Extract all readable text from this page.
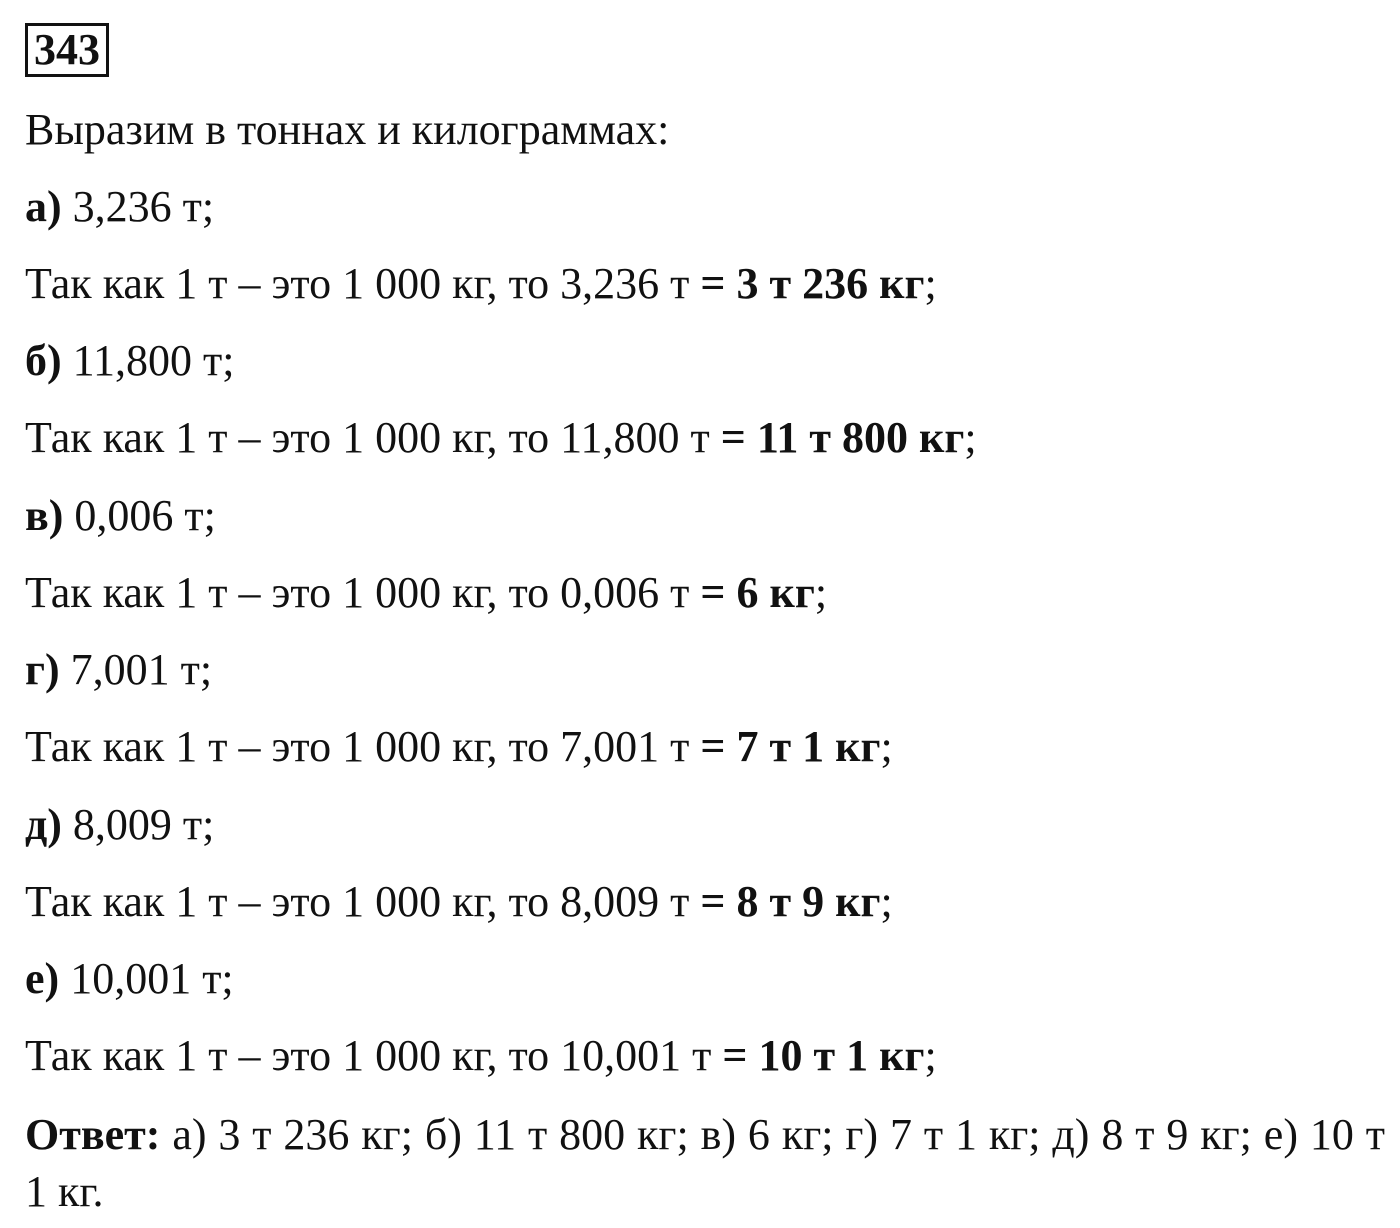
343
Выразим в тоннах и килограммах:
а) 3,236 т;
Так как 1 т – это 1 000 кг, то 3,236 т = 3 т 236 кг;
б) 11,800 т;
Так как 1 т – это 1 000 кг, то 11,800 т = 11 т 800 кг;
в) 0,006 т;
Так как 1 т – это 1 000 кг, то 0,006 т = 6 кг;
г) 7,001 т;
Так как 1 т – это 1 000 кг, то 7,001 т = 7 т 1 кг;
д) 8,009 т;
Так как 1 т – это 1 000 кг, то 8,009 т = 8 т 9 кг;
е) 10,001 т;
Так как 1 т – это 1 000 кг, то 10,001 т = 10 т 1 кг;
Ответ: а) 3 т 236 кг; б) 11 т 800 кг; в) 6 кг; г) 7 т 1 кг; д) 8 т 9 кг; е) 10 т 1 кг.
